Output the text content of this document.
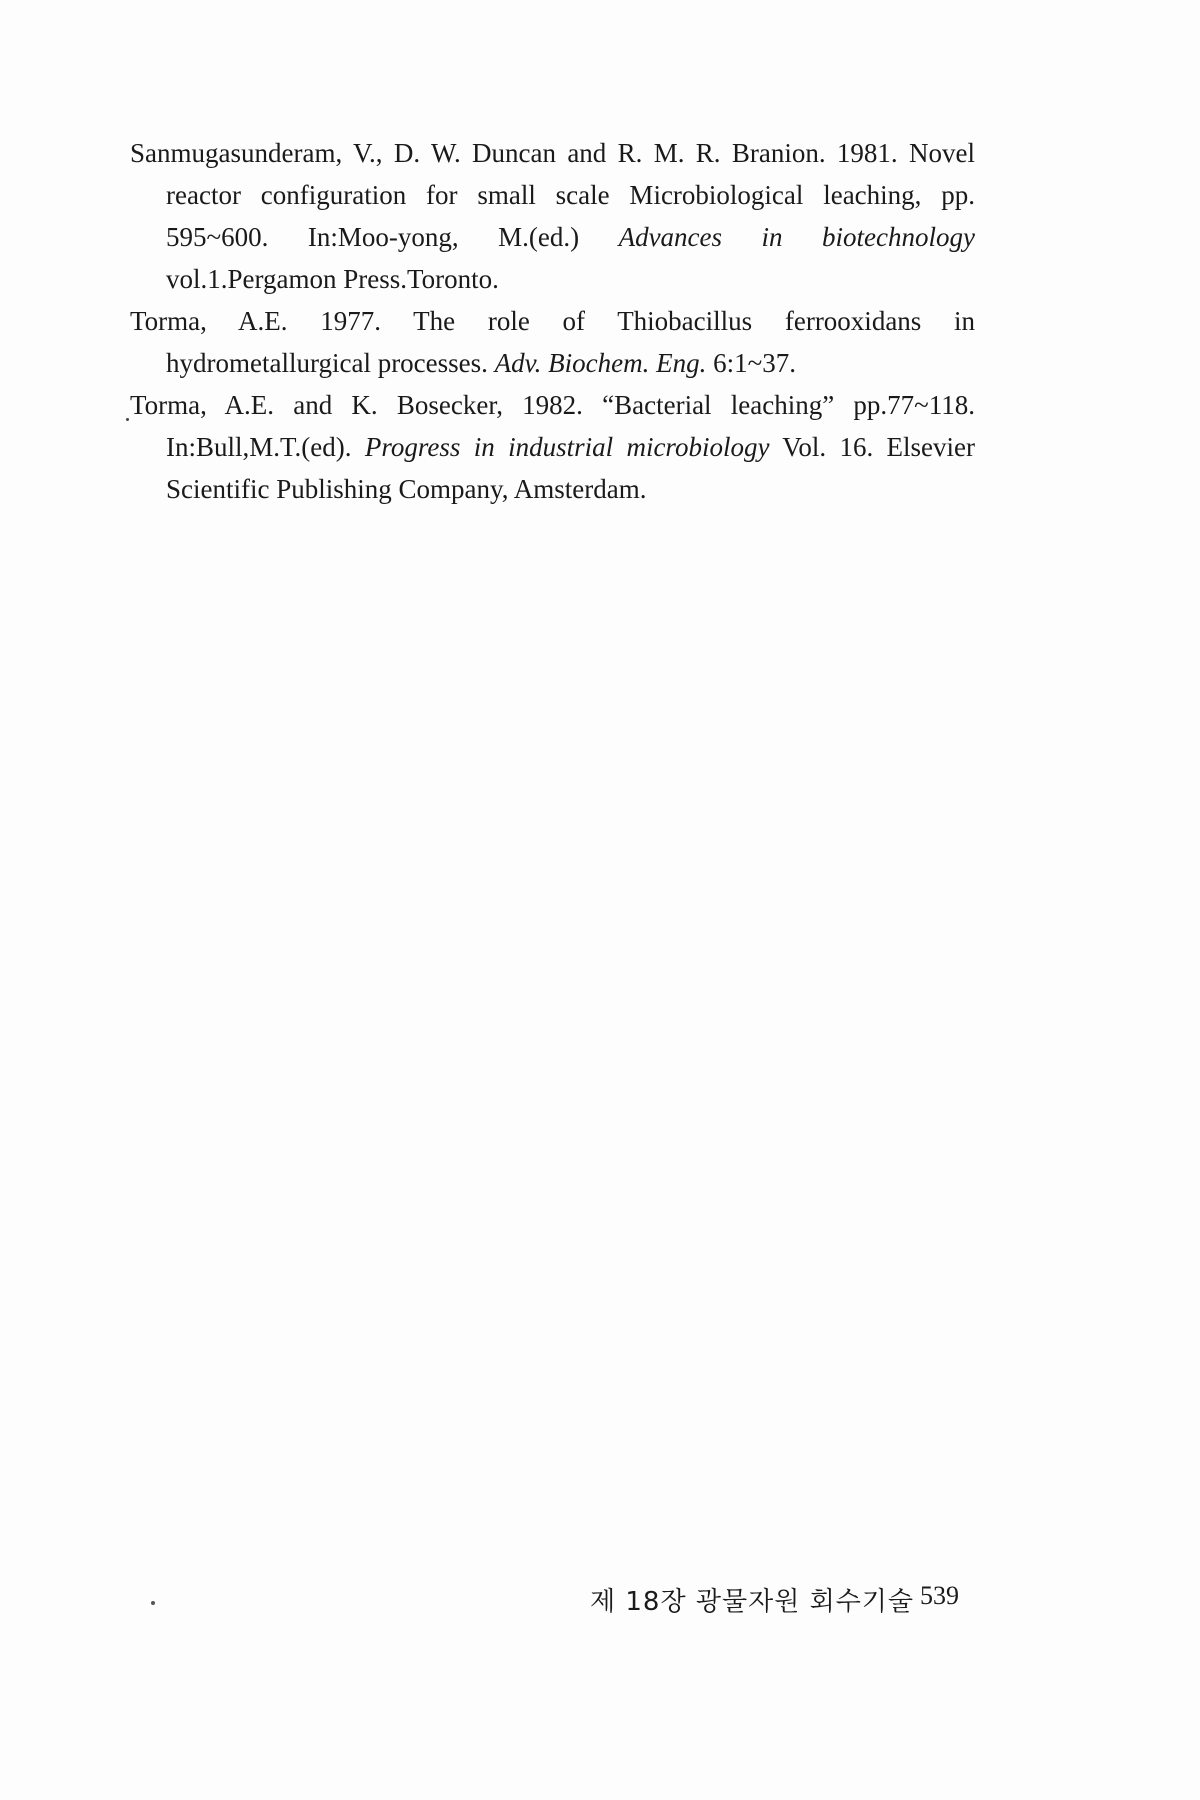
Sanmugasunderam, V., D. W. Duncan and R. M. R. Branion. 1981. Novel reactor configuration for small scale Microbiological leaching, pp. 595~600. In:Moo-yong, M.(ed.) Advances in biotechnology vol.1.Pergamon Press.Toronto.

Torma, A.E. 1977. The role of Thiobacillus ferrooxidans in hydrometallurgical processes. Adv. Biochem. Eng. 6:1~37.

Torma, A.E. and K. Bosecker, 1982. “Bacterial leaching” pp.77~118. In:Bull,M.T.(ed). Progress in industrial microbiology Vol. 16. Elsevier Scientific Publishing Company, Amsterdam.

제 18장 광물자원 회수기술 539
